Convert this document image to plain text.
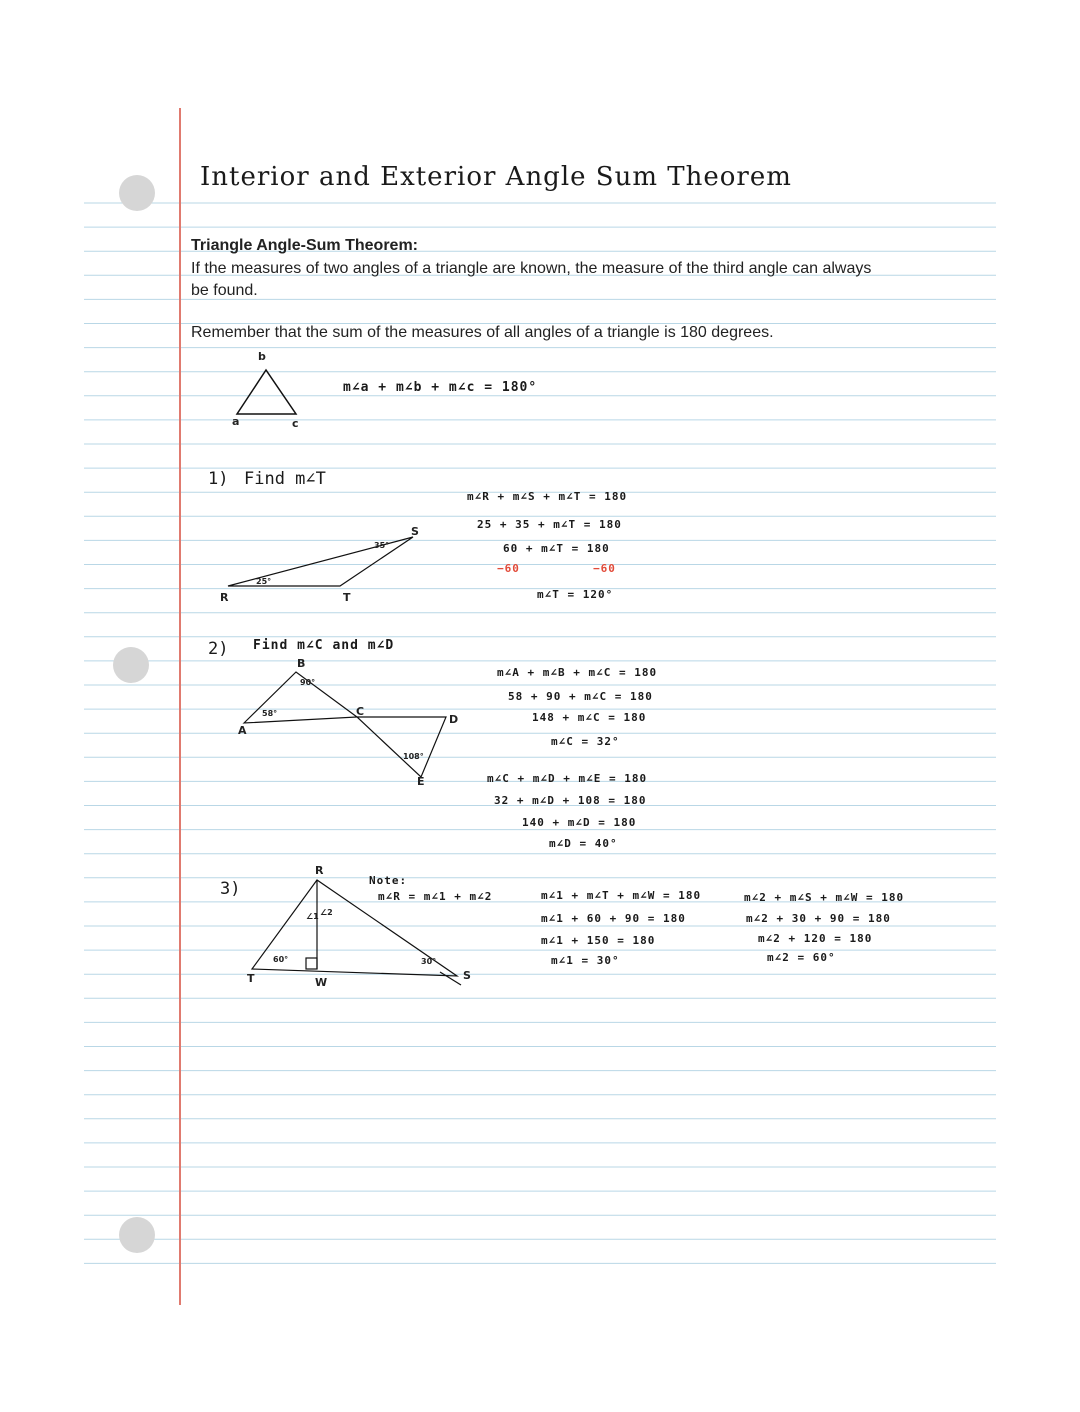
Interior and Exterior Angle Sum Theorem
Triangle Angle-Sum Theorem:
If the measures of two angles of a triangle are known, the measure of the third angle can always
be found.
Remember that the sum of the measures of all angles of a triangle is 180 degrees.
b
a	c
m∠a + m∠b + m∠c = 180°
1) Find m∠T
R	T
S
25°
35°
m∠R + m∠S + m∠T = 180
25 + 35 + m∠T = 180
60 + m∠T = 180
−60	−60
m∠T = 120°
2) Find m∠C and m∠D
B
A
C
D
E
90°
58°
108°
m∠A + m∠B + m∠C = 180
58 + 90 + m∠C = 180
148 + m∠C = 180
m∠C = 32°
m∠C + m∠D + m∠E = 180
32 + m∠D + 108 = 180
140 + m∠D = 180
m∠D = 40°
3)
R
T	W
S
∠1 ∠2
60°	30°
Note:
m∠R = m∠1 + m∠2	m∠1 + m∠T + m∠W = 180
m∠1 + 60 + 90 = 180
m∠1 + 150 = 180
m∠1 = 30°
m∠2 + m∠S + m∠W = 180
m∠2 + 30 + 90 = 180
m∠2 + 120 = 180
m∠2 = 60°
